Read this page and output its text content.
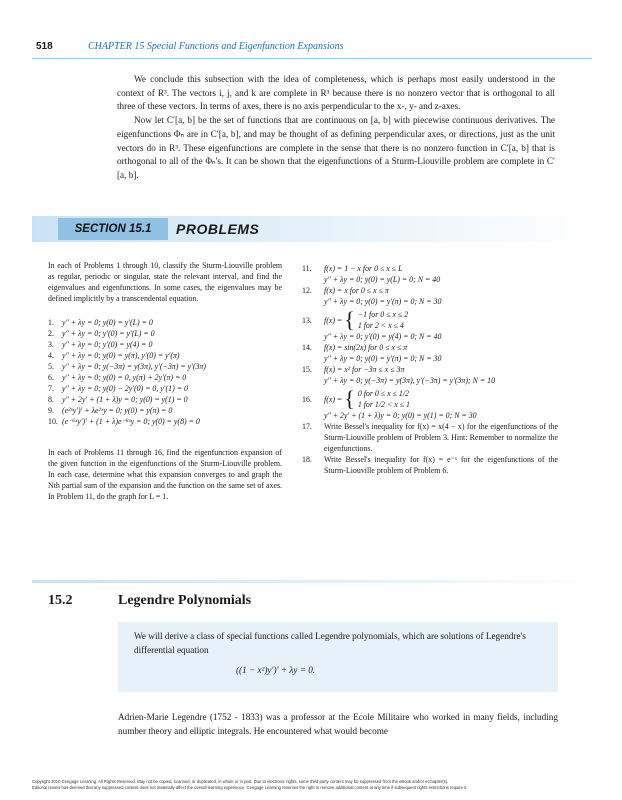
518	CHAPTER 15 Special Functions and Eigenfunction Expansions

We conclude this subsection with the idea of completeness, which is perhaps most easily understood in the context of R³. The vectors i, j, and k are complete in R³ because there is no nonzero vector that is orthogonal to all three of these vectors. In terms of axes, there is no axis perpendicular to the x-, y- and z-axes.

Now let C′[a, b] be the set of functions that are continuous on [a, b] with piecewise continuous derivatives. The eigenfunctions Φₙ are in C′[a, b], and may be thought of as defining perpendicular axes, or directions, just as the unit vectors do in R³. These eigenfunctions are complete in the sense that there is no nonzero function in C′[a, b] that is orthogonal to all of the Φₙ's. It can be shown that the eigenfunctions of a Sturm-Liouville problem are complete in C′[a, b].

SECTION 15.1	PROBLEMS

In each of Problems 1 through 10, classify the Sturm-Liouville problem as regular, periodic or singular, state the relevant interval, and find the eigenvalues and eigenfunctions. In some cases, the eigenvalues may be defined implicitly by a transcendental equation.

1. y″ + λy = 0; y(0) = y′(L) = 0
2. y″ + λy = 0; y′(0) = y′(L) = 0
3. y″ + λy = 0; y′(0) = y(4) = 0
4. y″ + λy = 0; y(0) = y(π), y′(0) = y′(π)
5. y″ + λy = 0; y(−3π) = y(3π), y′(−3π) = y′(3π)
6. y″ + λy = 0; y(0) = 0, y(π) + 2y′(π) = 0
7. y″ + λy = 0; y(0) − 2y′(0) = 0, y′(1) = 0
8. y″ + 2y′ + (1 + λ)y = 0; y(0) = y(1) = 0
9. (e²ˣy′)′ + λe²ˣy = 0; y(0) = y(π) = 0
10. (e⁻⁶ˣy′)′ + (1 + λ)e⁻⁶ˣy = 0; y(0) = y(8) = 0

In each of Problems 11 through 16, find the eigenfunction expansion of the given function in the eigenfunctions of the Sturm-Liouville problem. In each case, determine what this expansion converges to and graph the Nth partial sum of the expansion and the function on the same set of axes. In Problem 11, do the graph for L = 1.

11. f(x) = 1 − x for 0 ≤ x ≤ L
y″ + λy = 0; y(0) = y(L) = 0; N = 40
12. f(x) = x for 0 ≤ x ≤ π
y″ + λy = 0; y(0) = y′(π) = 0; N = 30
13. f(x) = { −1 for 0 ≤ x ≤ 2
1 for 2 < x ≤ 4
y″ + λy = 0; y′(0) = y(4) = 0; N = 40
14. f(x) = sin(2x) for 0 ≤ x ≤ π
y″ + λy = 0; y(0) = y′(π) = 0; N = 30
15. f(x) = x² for −3π ≤ x ≤ 3π
y″ + λy = 0; y(−3π) = y(3π), y′(−3π) = y′(3π); N = 10
16. f(x) = { 0 for 0 ≤ x ≤ 1/2
1 for 1/2 < x ≤ 1
y″ + 2y′ + (1 + λ)y = 0; y(0) = y(1) = 0; N = 30
17. Write Bessel's inequality for f(x) = x(4 − x) for the eigenfunctions of the Sturm-Liouville problem of Problem 3. Hint: Remember to normalize the eigenfunctions.
18. Write Bessel's inequality for f(x) = e⁻ˣ for the eigenfunctions of the Sturm-Liouville problem of Problem 6.
15.2	Legendre Polynomials
We will derive a class of special functions called Legendre polynomials, which are solutions of Legendre's differential equation
((1 − x²)y′)′ + λy = 0.
Adrien-Marie Legendre (1752 - 1833) was a professor at the Ecole Militaire who worked in many fields, including number theory and elliptic integrals. He encountered what would become
Copyright 2010 Cengage Learning. All Rights Reserved. May not be copied, scanned, or duplicated, in whole or in part. Due to electronic rights, some third party content may be suppressed from the eBook and/or eChapter(s).
Editorial review has deemed that any suppressed content does not materially affect the overall learning experience. Cengage Learning reserves the right to remove additional content at any time if subsequent rights restrictions require it.
